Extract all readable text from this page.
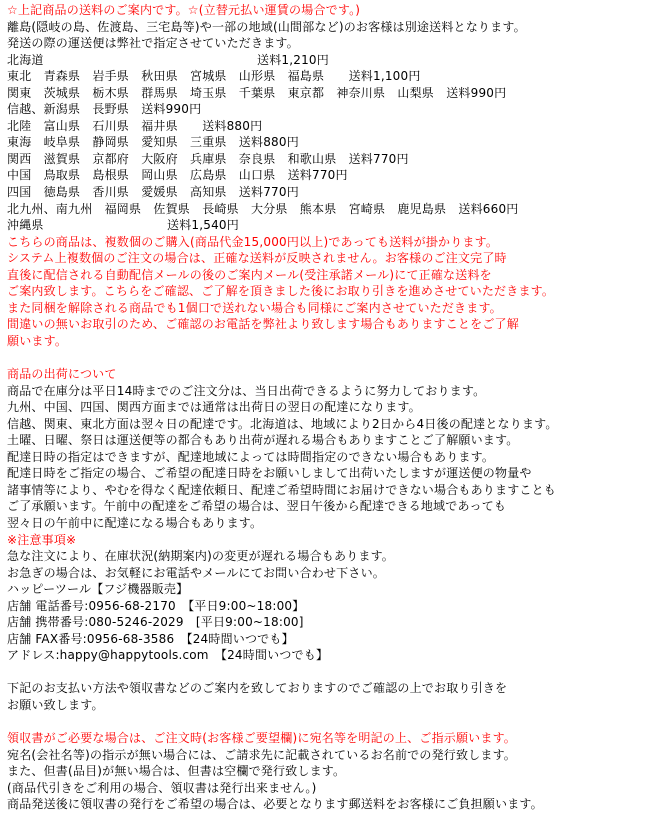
☆上記商品の送料のご案内です。☆(立替元払い運賃の場合です。)
離島(隠岐の島、佐渡島、三宅島等)や一部の地域(山間部など)のお客様は別途送料となります。
発送の際の運送便は弊社で指定させていただきます。
北海道	送料1,210円
東北　青森県　岩手県　秋田県　宮城県　山形県　福島県　　送料1,100円
関東　茨城県　栃木県　群馬県　埼玉県　千葉県　東京都　神奈川県　山梨県　送料990円
信越、新潟県　長野県　送料990円
北陸　富山県　石川県　福井県　　送料880円
東海　岐阜県　静岡県　愛知県　三重県　送料880円
関西　滋賀県　京都府　大阪府　兵庫県　奈良県　和歌山県　送料770円
中国　鳥取県　島根県　岡山県　広島県　山口県　送料770円
四国　徳島県　香川県　愛媛県　高知県　送料770円
北九州、南九州　福岡県　佐賀県　長崎県　大分県　熊本県　宮崎県　鹿児島県　送料660円
沖縄県	送料1,540円
こちらの商品は、複数個のご購入(商品代金15,000円以上)であっても送料が掛かります。
システム上複数個のご注文の場合は、正確な送料が反映されません。お客様のご注文完了時
直後に配信される自動配信メールの後のご案内メール(受注承諾メール)にて正確な送料を
ご案内致します。こちらをご確認、ご了解を頂きました後にお取り引きを進めさせていただきます。
また同梱を解除される商品でも1個口で送れない場合も同様にご案内させていただきます。
間違いの無いお取引のため、ご確認のお電話を弊社より致します場合もありますことをご了解
願います。
商品の出荷について
商品で在庫分は平日14時までのご注文分は、当日出荷できるように努力しております。
九州、中国、四国、関西方面までは通常は出荷日の翌日の配達になります。
信越、関東、東北方面は翌々日の配達です。北海道は、地域により2日から4日後の配達となります。
土曜、日曜、祭日は運送便等の都合もあり出荷が遅れる場合もありますことご了解願います。
配達日時の指定はできますが、配達地域によっては時間指定のできない場合もあります。
配達日時をご指定の場合、ご希望の配達日時をお願いしまして出荷いたしますが運送便の物量や
諸事情等により、やむを得なく配達依頼日、配達ご希望時間にお届けできない場合もありますことも
ご了承願います。午前中の配達をご希望の場合は、翌日午後から配達できる地域であっても
翌々日の午前中に配達になる場合もあります。
※注意事項※
急な注文により、在庫状況(納期案内)の変更が遅れる場合もあります。
お急ぎの場合は、お気軽にお電話やメールにてお問い合わせ下さい。
ハッピーツール【フジ機器販売】
店舗 電話番号:0956-68-2170　【平日9:00~18:00】
店舗 携帯番号:080-5246-2029　[平日9:00~18:00]
店舗 FAX番号:0956-68-3586　【24時間いつでも】
アドレス:happy@happytools.com　【24時間いつでも】
下記のお支払い方法や領収書などのご案内を致しておりますのでご確認の上でお取り引きを
お願い致します。
領収書がご必要な場合は、ご注文時(お客様ご要望欄)に宛名等を明記の上、ご指示願います。
宛名(会社名等)の指示が無い場合には、ご請求先に記載されているお名前での発行致します。
また、但書(品目)が無い場合は、但書は空欄で発行致します。
(商品代引きをご利用の場合、領収書は発行出来ません。)
商品発送後に領収書の発行をご希望の場合は、必要となります郵送料をお客様にご負担願います。
